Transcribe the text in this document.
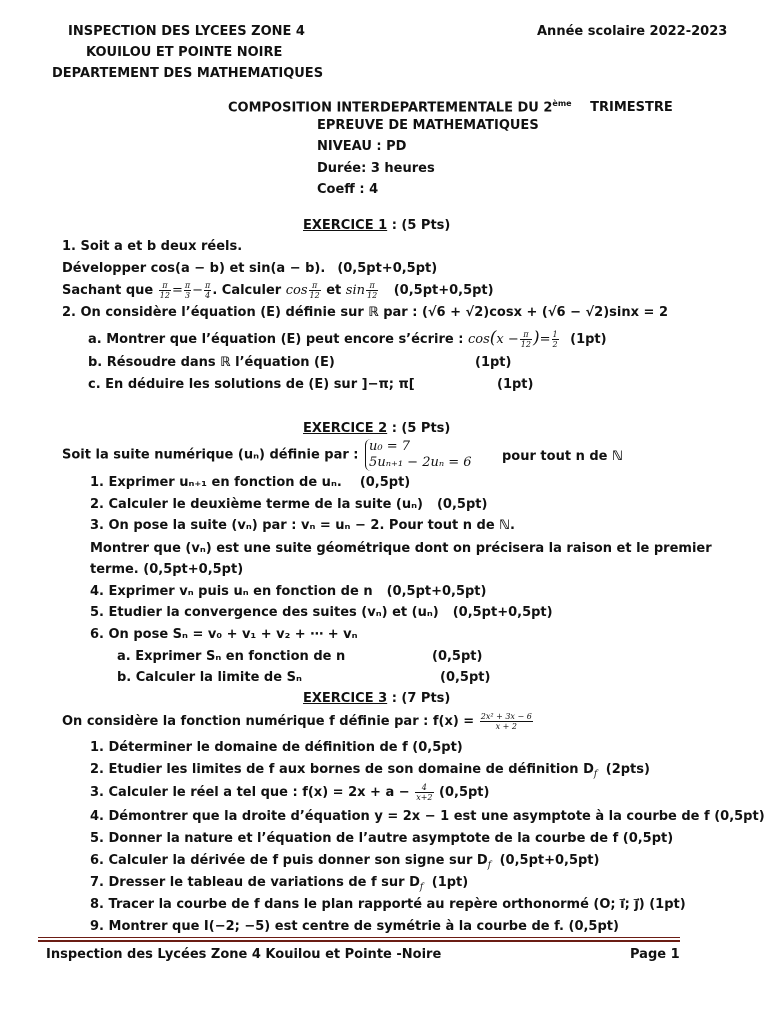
INSPECTION DES LYCEES ZONE 4
KOUILOU ET POINTE NOIRE
DEPARTEMENT DES MATHEMATIQUES
Année scolaire 2022-2023
COMPOSITION INTERDEPARTEMENTALE DU 2ème TRIMESTRE
EPREUVE DE MATHEMATIQUES
NIVEAU : PD
Durée: 3 heures
Coeff : 4
EXERCICE 1 : (5 Pts)
1. Soit a et b deux réels.
Développer cos(a − b) et sin(a − b). (0,5pt+0,5pt)
Sachant que $\frac{\pi}{12} = \frac{\pi}{3} - \frac{\pi}{4}$ . Calculer $\cos \frac{\pi}{12}$ et $\sin \frac{\pi}{12} (0,5pt+0,5pt)$
2. On considère l’équation (E) définie sur ℝ par : (√6 + √2)cosx + (√6 − √2)sinx = 2
a. Montrer que l’équation (E) peut encore s’écrire : $\cos(x - \frac{\pi}{12}$ )= $\frac{1}{2} (1pt)$
b. Résoudre dans ℝ l’équation (E)	(1pt)
c. En déduire les solutions de (E) sur ]−π; π[	(1pt)
EXERCICE 2 : (5 Pts)
Soit la suite numérique (uₙ) définie par :
u₀ = 7
5uₙ₊₁ − 2uₙ = 6 pour tout n de ℕ
1. Exprimer uₙ₊₁ en fonction de uₙ. (0,5pt)
2. Calculer le deuxième terme de la suite (uₙ) (0,5pt)
3. On pose la suite (vₙ) par : vₙ = uₙ − 2. Pour tout n de ℕ.
Montrer que (vₙ) est une suite géométrique dont on précisera la raison et le premier
terme. (0,5pt+0,5pt)
4. Exprimer vₙ puis uₙ en fonction de n (0,5pt+0,5pt)
5. Etudier la convergence des suites (vₙ) et (uₙ) (0,5pt+0,5pt)
6. On pose Sₙ = v₀ + v₁ + v₂ + ⋯ + vₙ
a. Exprimer Sₙ en fonction de n	(0,5pt)
b. Calculer la limite de Sₙ	(0,5pt)
EXERCICE 3 : (7 Pts)
On considère la fonction numérique f définie par : $f(x) = \frac{\text{2x² + 3x − 6}}{x + 2}$
1. Déterminer le domaine de définition de f (0,5pt)
2. Etudier les limites de f aux bornes de son domaine de définition $D_f$ (2pts)
3. Calculer le réel a tel que : $f(x) = 2x + a - \frac{4}{x+2} (0,5pt)$
4. Démontrer que la droite d’équation y = 2x − 1 est une asymptote à la courbe de f (0,5pt)
5. Donner la nature et l’équation de l’autre asymptote de la courbe de f (0,5pt)
6. Calculer la dérivée de f puis donner son signe sur $D_f$ (0,5pt+0,5pt)
7. Dresser le tableau de variations de f sur $D_f$ (1pt)
8. Tracer la courbe de f dans le plan rapporté au repère orthonormé (O; i⃗; j⃗) (1pt)
9. Montrer que I(−2; −5) est centre de symétrie à la courbe de f. (0,5pt)
Inspection des Lycées Zone 4 Kouilou et Pointe -Noire	Page 1
